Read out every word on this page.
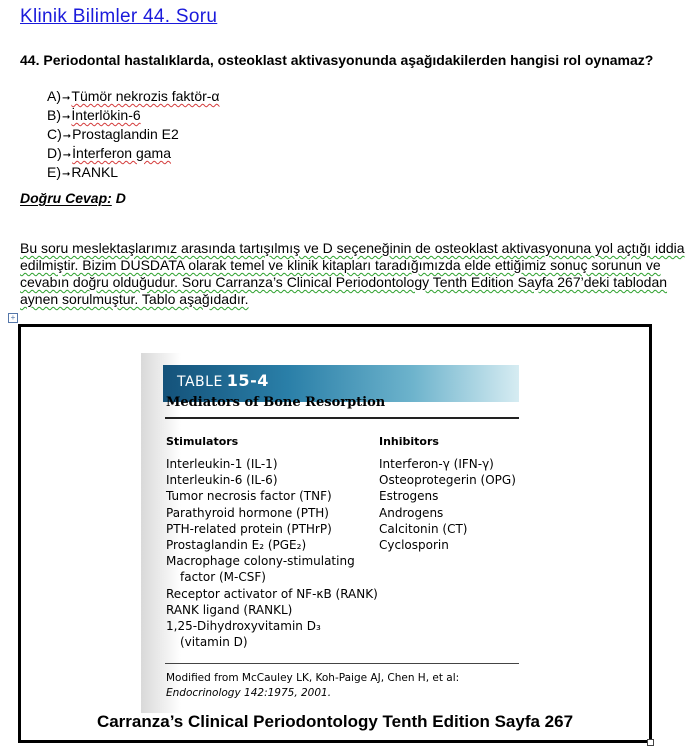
Klinik Bilimler 44. Soru
44. Periodontal hastalıklarda, osteoklast aktivasyonunda aşağıdakilerden hangisi rol oynamaz?
A)➞Tümör nekrozis faktör-α
B)➞İnterlökin-6
C)➞Prostaglandin E2
D)➞İnterferon gama
E)➞RANKL
Doğru Cevap: D
Bu soru meslektaşlarımız arasında tartışılmış ve D seçeneğinin de osteoklast aktivasyonuna yol açtığı iddia edilmiştir. Bizim DUSDATA olarak temel ve klinik kitapları taradığımızda elde ettiğimiz sonuç sorunun ve cevabın doğru olduğudur. Soru Carranza’s Clinical Periodontology Tenth Edition Sayfa 267’deki tablodan aynen sorulmuştur. Tablo aşağıdadır.
+
TABLE 15-4
Mediators of Bone Resorption
Stimulators	Inhibitors
Interleukin-1 (IL-1)
Interleukin-6 (IL-6)
Tumor necrosis factor (TNF)
Parathyroid hormone (PTH)
PTH-related protein (PTHrP)
Prostaglandin E₂ (PGE₂)
Macrophage colony-stimulating
factor (M-CSF)
Receptor activator of NF-κB (RANK)
RANK ligand (RANKL)
1,25-Dihydroxyvitamin D₃
(vitamin D)
Interferon-γ (IFN-γ)
Osteoprotegerin (OPG)
Estrogens
Androgens
Calcitonin (CT)
Cyclosporin
Modified from McCauley LK, Koh-Paige AJ, Chen H, et al:
Endocrinology 142:1975, 2001.
Carranza’s Clinical Periodontology Tenth Edition Sayfa 267
